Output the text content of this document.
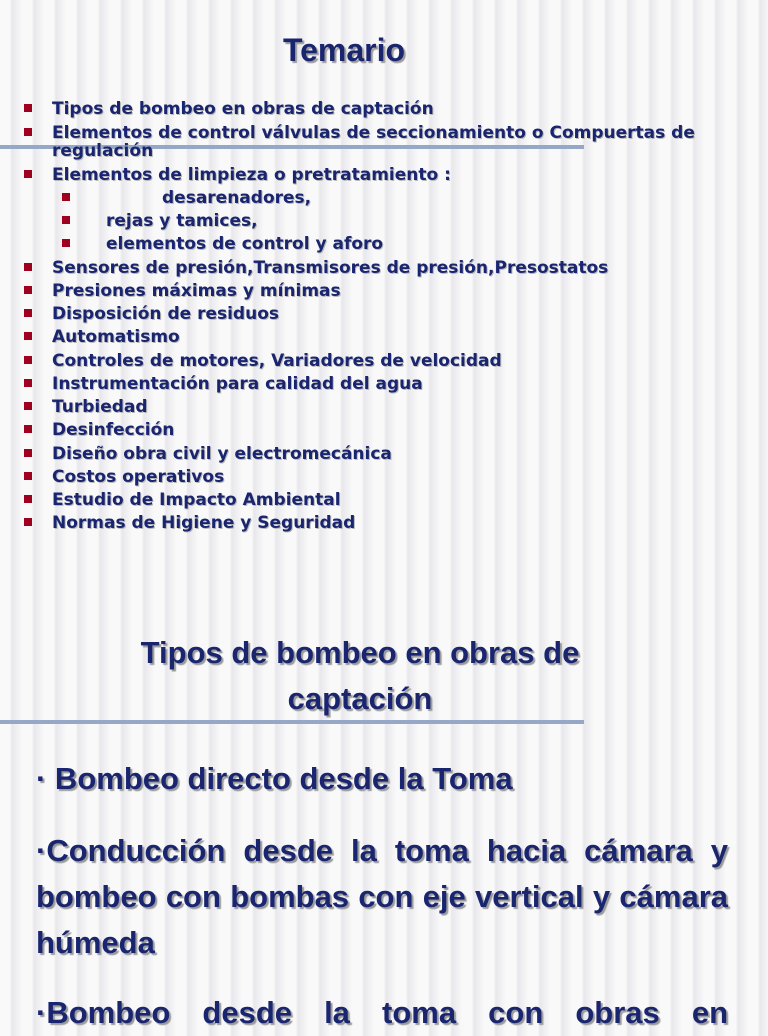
Temario
Tipos de bombeo en obras de captación
Elementos de control válvulas de seccionamiento o Compuertas de
regulación
Elementos de limpieza o pretratamiento :
desarenadores,
rejas y tamices,
elementos de control y aforo
Sensores de presión,Transmisores de presión,Presostatos
Presiones máximas y mínimas
Disposición de residuos
Automatismo
Controles de motores, Variadores de velocidad
Instrumentación para calidad del agua
Turbiedad
Desinfección
Diseño obra civil y electromecánica
Costos operativos
Estudio de Impacto Ambiental
Normas de Higiene y Seguridad
Tipos de bombeo en obras de
captación

· Bombeo directo desde la Toma

·Conducción desde la toma hacia cámara y bombeo con bombas con eje vertical y cámara húmeda

·Bombeo desde la toma con obras en
